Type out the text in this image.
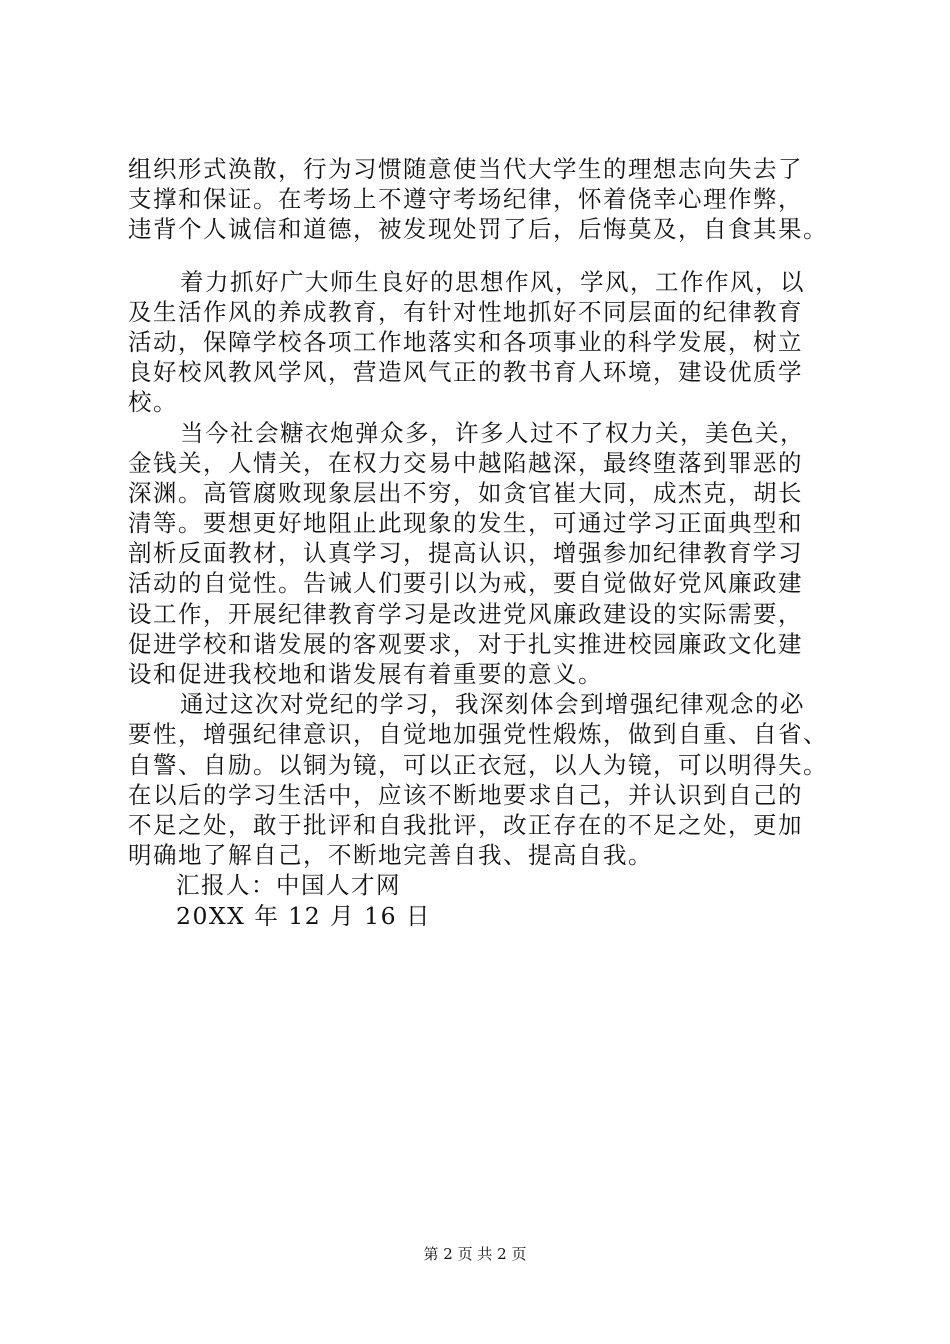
组织形式涣散，行为习惯随意使当代大学生的理想志向失去了
支撑和保证。在考场上不遵守考场纪律，怀着侥幸心理作弊，
违背个人诚信和道德，被发现处罚了后，后悔莫及，自食其果。
着力抓好广大师生良好的思想作风，学风，工作作风，以
及生活作风的养成教育，有针对性地抓好不同层面的纪律教育
活动，保障学校各项工作地落实和各项事业的科学发展，树立
良好校风教风学风，营造风气正的教书育人环境，建设优质学
校。
当今社会糖衣炮弹众多，许多人过不了权力关，美色关，
金钱关，人情关，在权力交易中越陷越深，最终堕落到罪恶的
深渊。高管腐败现象层出不穷，如贪官崔大同，成杰克，胡长
清等。要想更好地阻止此现象的发生，可通过学习正面典型和
剖析反面教材，认真学习，提高认识，增强参加纪律教育学习
活动的自觉性。告诫人们要引以为戒，要自觉做好党风廉政建
设工作，开展纪律教育学习是改进党风廉政建设的实际需要，
促进学校和谐发展的客观要求，对于扎实推进校园廉政文化建
设和促进我校地和谐发展有着重要的意义。
通过这次对党纪的学习，我深刻体会到增强纪律观念的必
要性，增强纪律意识，自觉地加强党性煅炼，做到自重、自省、
自警、自励。以铜为镜，可以正衣冠，以人为镜，可以明得失。
在以后的学习生活中，应该不断地要求自己，并认识到自己的
不足之处，敢于批评和自我批评，改正存在的不足之处，更加
明确地了解自己，不断地完善自我、提高自我。
汇报人：中国人才网
20XX 年 12 月 16 日
第 2 页 共 2 页
